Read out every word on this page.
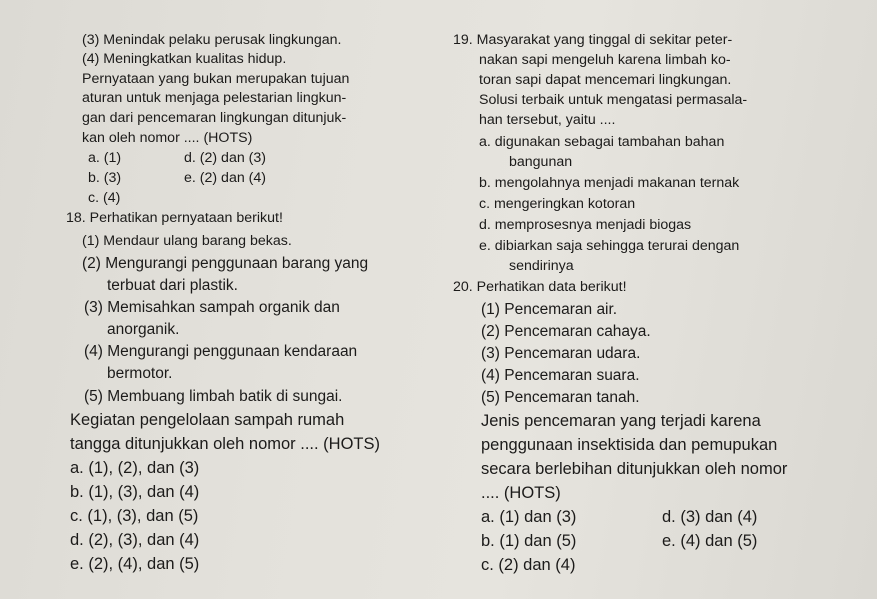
(3) Menindak pelaku perusak lingkungan.
(4) Meningkatkan kualitas hidup.
Pernyataan yang bukan merupakan tujuan
aturan untuk menjaga pelestarian lingkun-
gan dari pencemaran lingkungan ditunjuk-
kan oleh nomor .... (HOTS)
a. (1)	d. (2) dan (3)
b. (3)	e. (2) dan (4)
c. (4)
18. Perhatikan pernyataan berikut!
(1) Mendaur ulang barang bekas.
(2) Mengurangi penggunaan barang yang
terbuat dari plastik.
(3) Memisahkan sampah organik dan
anorganik.
(4) Mengurangi penggunaan kendaraan
bermotor.
(5) Membuang limbah batik di sungai.
Kegiatan pengelolaan sampah rumah
tangga ditunjukkan oleh nomor .... (HOTS)
a. (1), (2), dan (3)
b. (1), (3), dan (4)
c. (1), (3), dan (5)
d. (2), (3), dan (4)
e. (2), (4), dan (5)
19. Masyarakat yang tinggal di sekitar peter-
nakan sapi mengeluh karena limbah ko-
toran sapi dapat mencemari lingkungan.
Solusi terbaik untuk mengatasi permasala-
han tersebut, yaitu ....
a. digunakan sebagai tambahan bahan
bangunan
b. mengolahnya menjadi makanan ternak
c. mengeringkan kotoran
d. memprosesnya menjadi biogas
e. dibiarkan saja sehingga terurai dengan
sendirinya
20. Perhatikan data berikut!
(1) Pencemaran air.
(2) Pencemaran cahaya.
(3) Pencemaran udara.
(4) Pencemaran suara.
(5) Pencemaran tanah.
Jenis pencemaran yang terjadi karena
penggunaan insektisida dan pemupukan
secara berlebihan ditunjukkan oleh nomor
.... (HOTS)
a. (1) dan (3)	d. (3) dan (4)
b. (1) dan (5)	e. (4) dan (5)
c. (2) dan (4)
